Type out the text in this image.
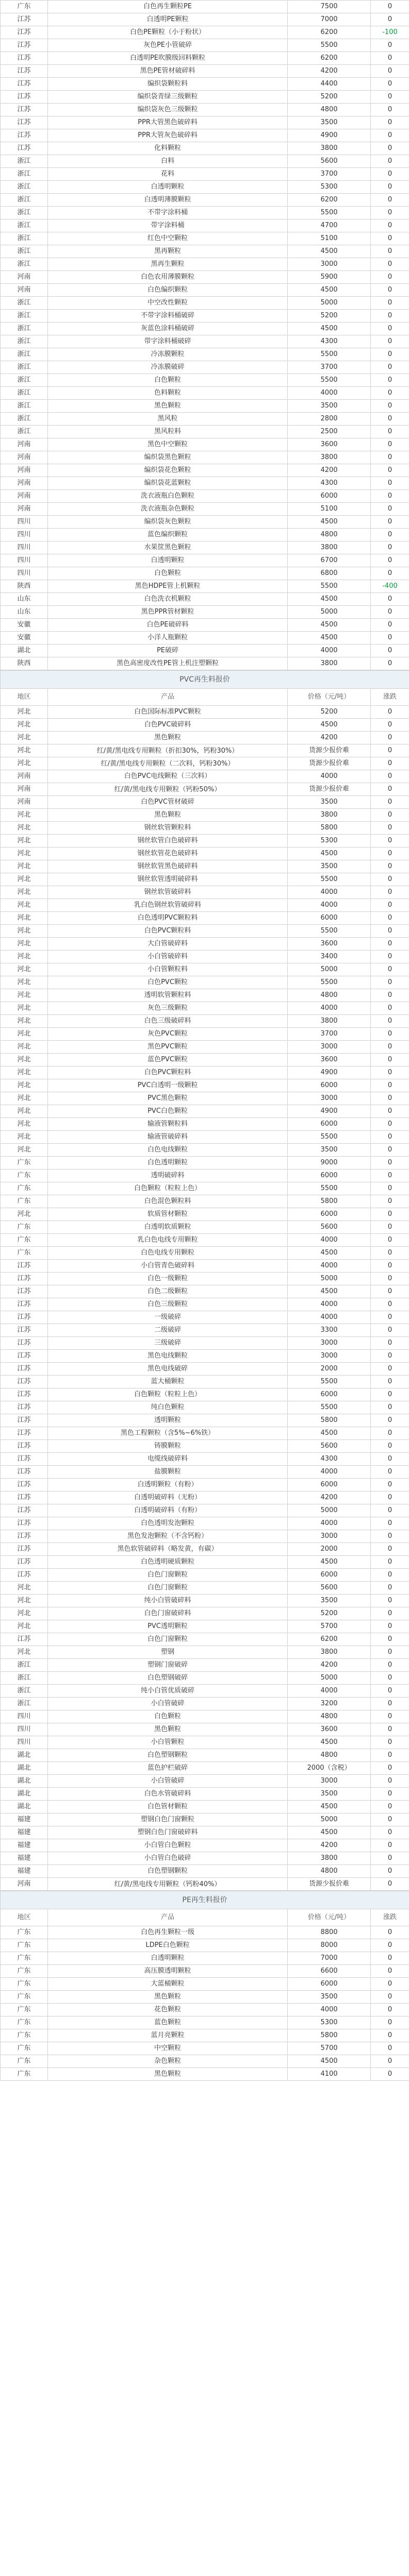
广东	白色再生颗粒PE	7500	0
江苏	白透明PE颗粒	7000	0
江苏	白色PE颗粒（小于粉状）	6200	-100
江苏	灰色PE小管破碎	5500	0
江苏	白透明PE吹膜级回料颗粒	6200	0
江苏	黑色PE管材破碎料	4200	0
江苏	编织袋颗粒料	4400	0
江苏	编织袋青绿三级颗粒	5200	0
江苏	编织袋灰色三级颗粒	4800	0
江苏	PPR大管黑色破碎料	3500	0
江苏	PPR大管灰色破碎料	4900	0
江苏	化料颗粒	3800	0
浙江	白料	5600	0
浙江	花料	3700	0
浙江	白透明颗粒	5300	0
浙江	白透明薄膜颗粒	6200	0
浙江	不带字涂料桶	5500	0
浙江	带字涂料桶	4700	0
浙江	红色中空颗粒	5100	0
浙江	黑再颗粒	4500	0
浙江	黑再生颗粒	3000	0
河南	白色农用薄膜颗粒	5900	0
河南	白色编织颗粒	4500	0
浙江	中空改性颗粒	5000	0
浙江	不带字涂料桶破碎	5200	0
浙江	灰蓝色涂料桶破碎	4500	0
浙江	带字涂料桶破碎	4300	0
浙江	冷冻膜颗粒	5500	0
浙江	冷冻膜破碎	3700	0
浙江	白色颗粒	5500	0
浙江	色料颗粒	4000	0
浙江	黑色颗粒	3500	0
浙江	黑风粒	2800	0
浙江	黑风粒料	2500	0
河南	黑色中空颗粒	3600	0
河南	编织袋黑色颗粒	3800	0
河南	编织袋花色颗粒	4200	0
河南	编织袋花蓝颗粒	4300	0
河南	洗衣液瓶白色颗粒	6000	0
河南	洗衣液瓶杂色颗粒	5100	0
四川	编织袋灰色颗粒	4500	0
四川	蓝色编织颗粒	4800	0
四川	水果筐黑色颗粒	3800	0
四川	白透明颗粒	6700	0
四川	白色颗粒	6800	0
陕西	黑色HDPE管上机颗粒	5500	-400
山东	白色洗衣机颗粒	4500	0
山东	黑色PPR管材颗粒	5000	0
安徽	白色PE破碎料	4500	0
安徽	小洋人瓶颗粒	4500	0
湖北	PE破碎	4000	0
陕西	黑色高密度改性PE管上机注塑颗粒	3800	0
PVC再生料报价			
地区	产品	价格（元/吨）	涨跌
河北	白色国际标准PVC颗粒	5200	0
河北	白色PVC破碎料	4500	0
河北	黑色颗粒	4200	0
河北	红/黄/黑电线专用颗粒（折扣30%，钙粉30%）	货源少报价难	0
河北	红/黄/黑电线专用颗粒（二次料，钙粉30%）	货源少报价难	0
河南	白色PVC电线颗粒（三次料）	4000	0
河南	红/黄/黑电线专用颗粒（钙粉50%）	货源少报价难	0
河南	白色PVC管材破碎	3500	0
河北	黑色颗粒	3800	0
河北	钢丝软管颗粒料	5800	0
河北	钢丝软管白色破碎料	5300	0
河北	钢丝软管花色破碎料	4500	0
河北	钢丝软管黑色破碎料	3500	0
河北	钢丝软管透明破碎料	5500	0
河北	钢丝软管破碎料	4000	0
河北	乳白色钢丝软管破碎料	4000	0
河北	白色透明PVC颗粒料	6000	0
河北	白色PVC颗粒料	5500	0
河北	大白管破碎料	3600	0
河北	小白管破碎料	3400	0
河北	小白管颗粒料	5000	0
河北	白色PVC颗粒	5500	0
河北	透明软管颗粒料	4800	0
河北	灰色三级颗粒	4000	0
河北	白色三级破碎料	3800	0
河北	灰色PVC颗粒	3700	0
河北	黑色PVC颗粒	3000	0
河北	蓝色PVC颗粒	3600	0
河北	白色PVC颗粒料	4900	0
河北	PVC白透明一级颗粒	6000	0
河北	PVC黑色颗粒	3000	0
河北	PVC白色颗粒	4900	0
河北	输液管颗粒料	6000	0
河北	输液管破碎料	5500	0
河北	白色电线颗粒	3500	0
广东	白色透明颗粒	9000	0
广东	透明破碎料	6000	0
广东	白色颗粒（粒粒上色）	5500	0
广东	白色混色颗粒料	5800	0
河北	软质管材颗粒	6000	0
广东	白透明软质颗粒	5600	0
广东	乳白色电线专用颗粒	4000	0
广东	白色电线专用颗粒	4500	0
江苏	小白管青色破碎料	4000	0
江苏	白色一级颗粒	5000	0
江苏	白色二级颗粒	4500	0
江苏	白色三级颗粒	4000	0
江苏	一级破碎	4000	0
江苏	二级破碎	3300	0
江苏	三级破碎	3000	0
江苏	黑色电线颗粒	3000	0
江苏	黑色电线破碎	2000	0
江苏	蓝大桶颗粒	5500	0
江苏	白色颗粒（粒粒上色）	6000	0
江苏	纯白色颗粒	5500	0
江苏	透明颗粒	5800	0
江苏	黑色工程颗粒（含5%~6%铁）	4500	0
江苏	铸膜颗粒	5600	0
江苏	电缆线破碎料	4300	0
江苏	盐膜颗粒	4000	0
江苏	白透明颗粒（有粉）	6000	0
江苏	白透明破碎料（无粉）	4200	0
江苏	白透明破碎料（有粉）	5000	0
江苏	白色透明发泡颗粒	4000	0
江苏	黑色发泡颗粒（不含钙粉）	3000	0
江苏	黑色软管破碎料（略发黄，有碳）	2000	0
江苏	白色透明硬质颗粒	4500	0
江苏	白色门窗颗粒	6000	0
河北	白色门窗颗粒	5600	0
河北	纯小白管破碎料	3500	0
河北	白色门窗破碎料	5200	0
河北	PVC透明颗粒	5700	0
江苏	白色门窗颗粒	6200	0
河北	塑钢	3800	0
浙江	塑钢门窗破碎	4200	0
浙江	白色塑钢破碎	5000	0
浙江	纯小白管优质破碎	4000	0
浙江	小白管破碎	3200	0
四川	白色颗粒	4800	0
四川	黑色颗粒	3600	0
四川	小白管颗粒	4500	0
湖北	白色塑钢颗粒	4800	0
湖北	蓝色护栏破碎	2000（含税）	0
湖北	小白管破碎	3000	0
湖北	白色水管破碎料	3500	0
湖北	白色管材颗粒	4500	0
福建	塑钢白色门窗颗粒	5000	0
福建	塑钢白色门窗破碎料	4500	0
福建	小白管白色颗粒	4200	0
福建	小白管白色破碎	3800	0
福建	白色塑钢颗粒	4800	0
河南	红/黄/黑电线专用颗粒（钙粉40%）	货源少报价难	0
PE再生料报价			
地区	产品	价格（元/吨）	涨跌
广东	白色再生颗粒一级	8800	0
广东	LDPE白色颗粒	8000	0
广东	白透明颗粒	7000	0
广东	高压膜透明颗粒	6600	0
广东	大蓝桶颗粒	6000	0
广东	黑色颗粒	3500	0
广东	花色颗粒	4000	0
广东	蓝色颗粒	5300	0
广东	蓝月亮颗粒	5800	0
广东	中空颗粒	5700	0
广东	杂色颗粒	4500	0
广东	黑色颗粒	4100	0
